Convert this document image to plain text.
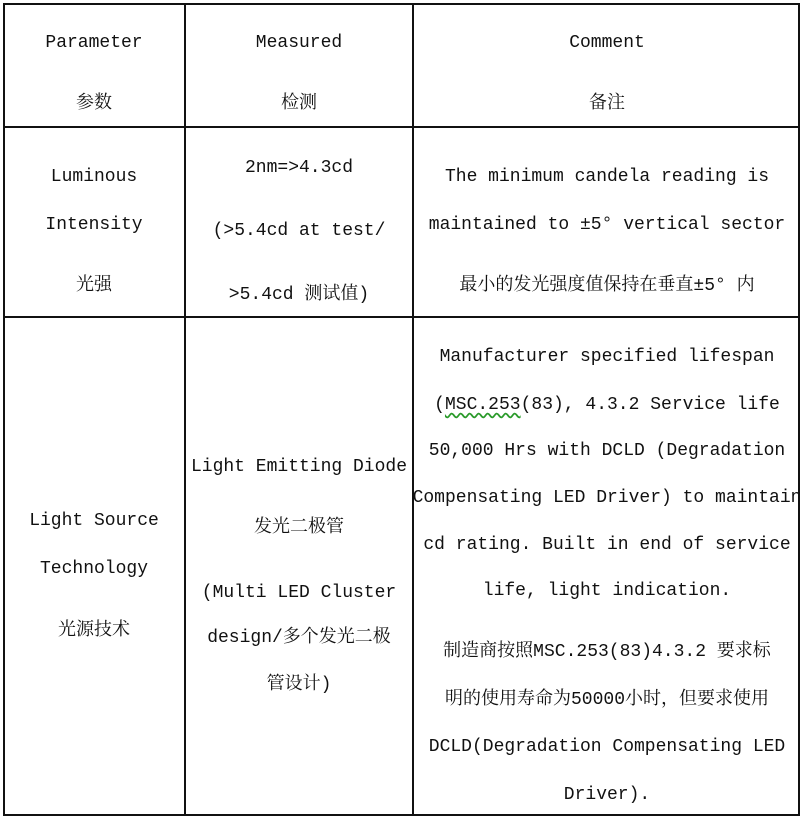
Parameter
参数
Measured
检测
Comment
备注
Luminous
Intensity
光强
2nm=>4.3cd
(>5.4cd at test/
>5.4cd 测试值)
The minimum candela reading is
maintained to ±5° vertical sector
最小的发光强度值保持在垂直±5° 内
Light Source
Technology
光源技术
Light Emitting Diode
发光二极管
(Multi LED Cluster
design/多个发光二极
管设计)
Manufacturer specified lifespan
(MSC.253(83), 4.3.2 Service life
50,000 Hrs with DCLD (Degradation
Compensating LED Driver) to maintain
cd rating. Built in end of service
life, light indication.
制造商按照MSC.253(83)4.3.2 要求标
明的使用寿命为50000小时，但要求使用
DCLD(Degradation Compensating LED
Driver).
